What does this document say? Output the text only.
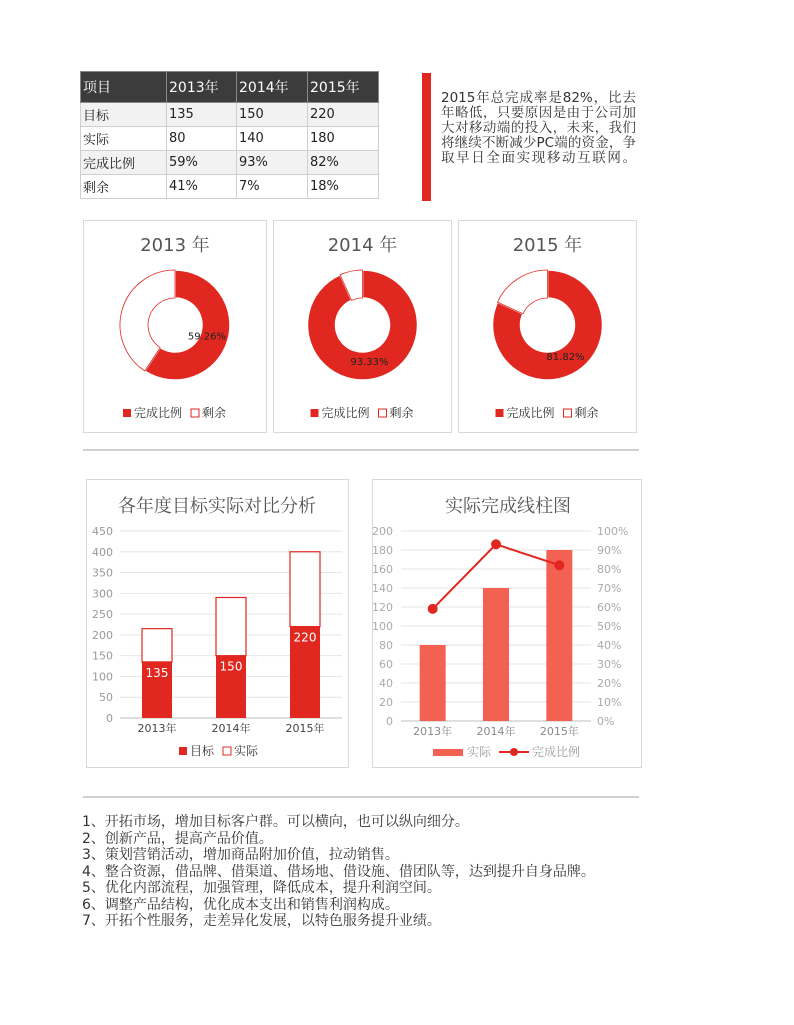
项目	2013年	2014年	2015年
目标	135	150	220
实际	80	140	180
完成比例	59%	93%	82%
剩余	41%	7%	18%
2015年总完成率是82%，比去年略低，只要原因是由于公司加大对移动端的投入，未来，我们将继续不断减少PC端的资金，争取早日全面实现移动互联网。
2013 年
59.26%
完成比例 剩余
2014 年
93.33%
完成比例 剩余
2015 年
81.82%
完成比例 剩余
各年度目标实际对比分析
0
50
100
150
200
250
300
350
400
450
135
2013年
150
2014年
220
2015年
目标 实际
实际完成线柱图
0	0%
20	10%
40	20%
60	30%
80	40%
100	50%
120	60%
140	70%
160	80%
180	90%
200	100%
2013年 2014年 2015年
实际	完成比例
1、开拓市场，增加目标客户群。可以横向，也可以纵向细分。
2、创新产品，提高产品价值。
3、策划营销活动，增加商品附加价值，拉动销售。
4、整合资源，借品牌、借渠道、借场地、借设施、借团队等，达到提升自身品牌。
5、优化内部流程，加强管理，降低成本，提升利润空间。
6、调整产品结构，优化成本支出和销售利润构成。
7、开拓个性服务，走差异化发展，以特色服务提升业绩。
